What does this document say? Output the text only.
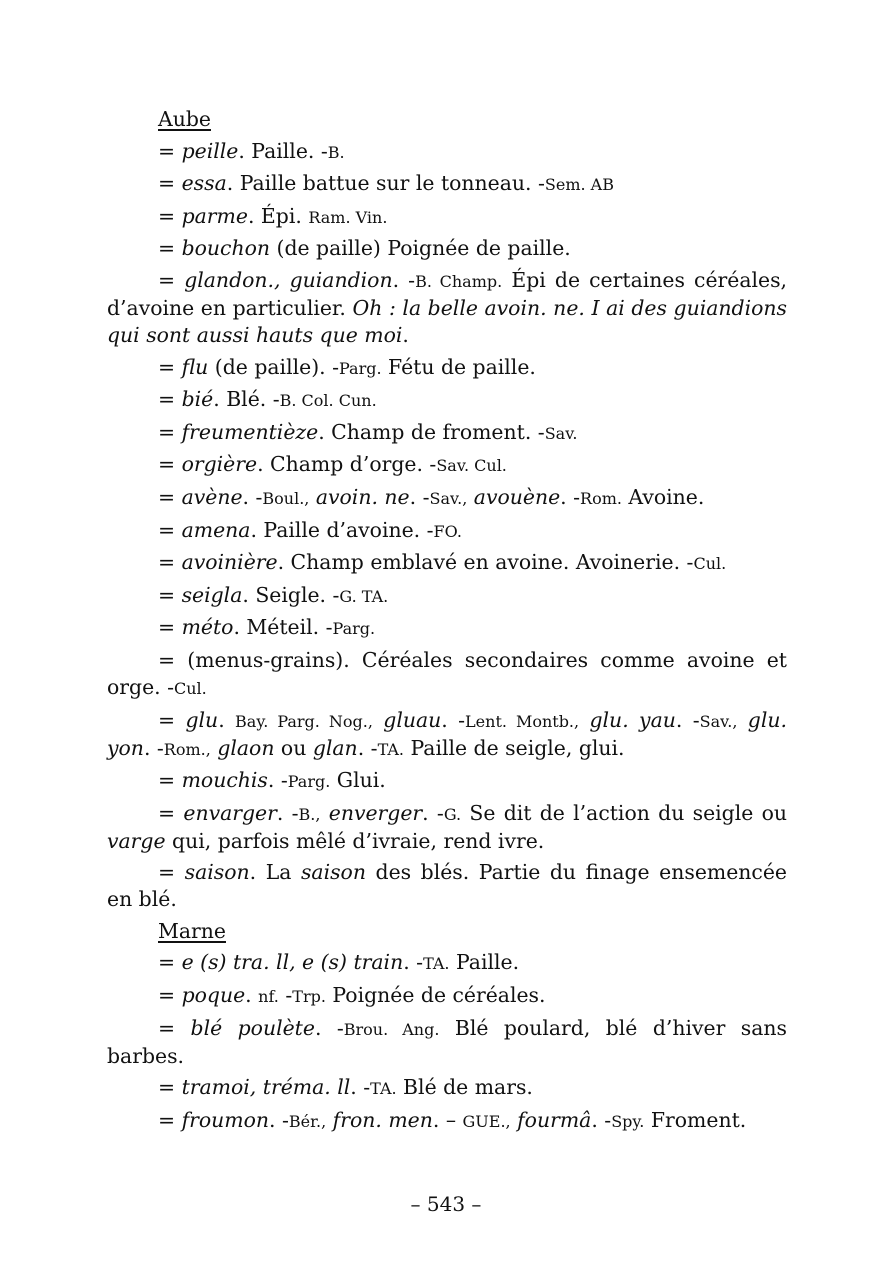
Aube

= peille. Paille. -B.

= essa. Paille battue sur le tonneau. -Sem. AB

= parme. Épi. Ram. Vin.

= bouchon (de paille) Poignée de paille.

= glandon., guiandion. -B. Champ. Épi de certaines céréales, d’avoine en particulier. Oh : la belle avoin. ne. I ai des guiandions qui sont aussi hauts que moi.

= flu (de paille). -Parg. Fétu de paille.

= bié. Blé. -B. Col. Cun.

= freumentièze. Champ de froment. -Sav.

= orgière. Champ d’orge. -Sav. Cul.

= avène. -Boul., avoin. ne. -Sav., avouène. -Rom. Avoine.

= amena. Paille d’avoine. -FO.

= avoinière. Champ emblavé en avoine. Avoinerie. -Cul.

= seigla. Seigle. -G. TA.

= méto. Méteil. -Parg.

= (menus-grains). Céréales secondaires comme avoine et orge. -Cul.

= glu. Bay. Parg. Nog., gluau. -Lent. Montb., glu. yau. -Sav., glu. yon. -Rom., glaon ou glan. -TA. Paille de seigle, glui.

= mouchis. -Parg. Glui.

= envarger. -B., enverger. -G. Se dit de l’action du seigle ou varge qui, parfois mêlé d’ivraie, rend ivre.

= saison. La saison des blés. Partie du finage ensemencée en blé.

Marne

= e (s) tra. ll, e (s) train. -TA. Paille.

= poque. nf. -Trp. Poignée de céréales.

= blé poulète. -Brou. Ang. Blé poulard, blé d’hiver sans barbes.

= tramoi, tréma. ll. -TA. Blé de mars.

= froumon. -Bér., fron. men. – GUE., fourmâ. -Spy. Froment.

– 543 –
